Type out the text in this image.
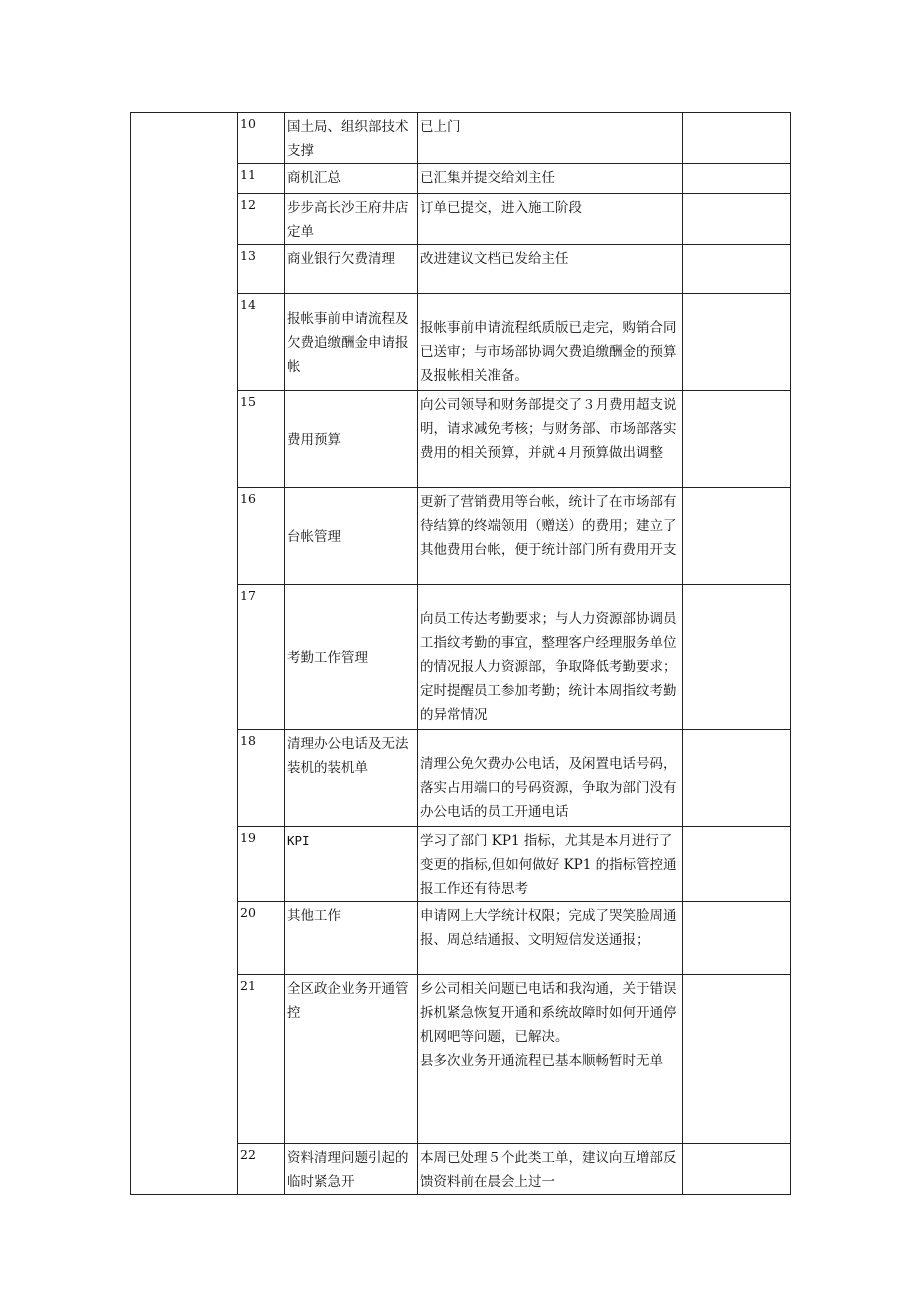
	10	国土局、组织部技术支撑	已上门	
	11	商机汇总	已汇集并提交给刘主任	
	12	步步高长沙王府井店定单	订单已提交，进入施工阶段	
	13	商业银行欠费清理	改进建议文档已发给主任	
	14	报帐事前申请流程及欠费追缴酬金申请报帐	报帐事前申请流程纸质版已走完，购销合同已送审；与市场部协调欠费追缴酬金的预算及报帐相关准备。	
	15	费用预算	向公司领导和财务部提交了３月费用超支说明，请求减免考核；与财务部、市场部落实费用的相关预算，并就４月预算做出调整	
	16	台帐管理	更新了营销费用等台帐，统计了在市场部有待结算的终端领用（赠送）的费用；建立了其他费用台帐，便于统计部门所有费用开支	
	17	考勤工作管理	向员工传达考勤要求；与人力资源部协调员工指纹考勤的事宜，整理客户经理服务单位的情况报人力资源部，争取降低考勤要求；定时提醒员工参加考勤；统计本周指纹考勤的异常情况	
	18	清理办公电话及无法装机的装机单	清理公免欠费办公电话，及闲置电话号码，落实占用端口的号码资源，争取为部门没有办公电话的员工开通电话	
	19	KPI	学习了部门 KP1 指标，尤其是本月进行了变更的指标,但如何做好 KP1 的指标管控通报工作还有待思考	
	20	其他工作	申请网上大学统计权限；完成了哭笑脸周通报、周总结通报、文明短信发送通报；	
	21	全区政企业务开通管控	乡公司相关问题已电话和我沟通，关于错误拆机紧急恢复开通和系统故障时如何开通停机网吧等问题，已解决。
县多次业务开通流程已基本顺畅暂时无单	

	22	资料清理问题引起的临时紧急开	本周已处理５个此类工单，建议向互增部反馈资料前在晨会上过一	
